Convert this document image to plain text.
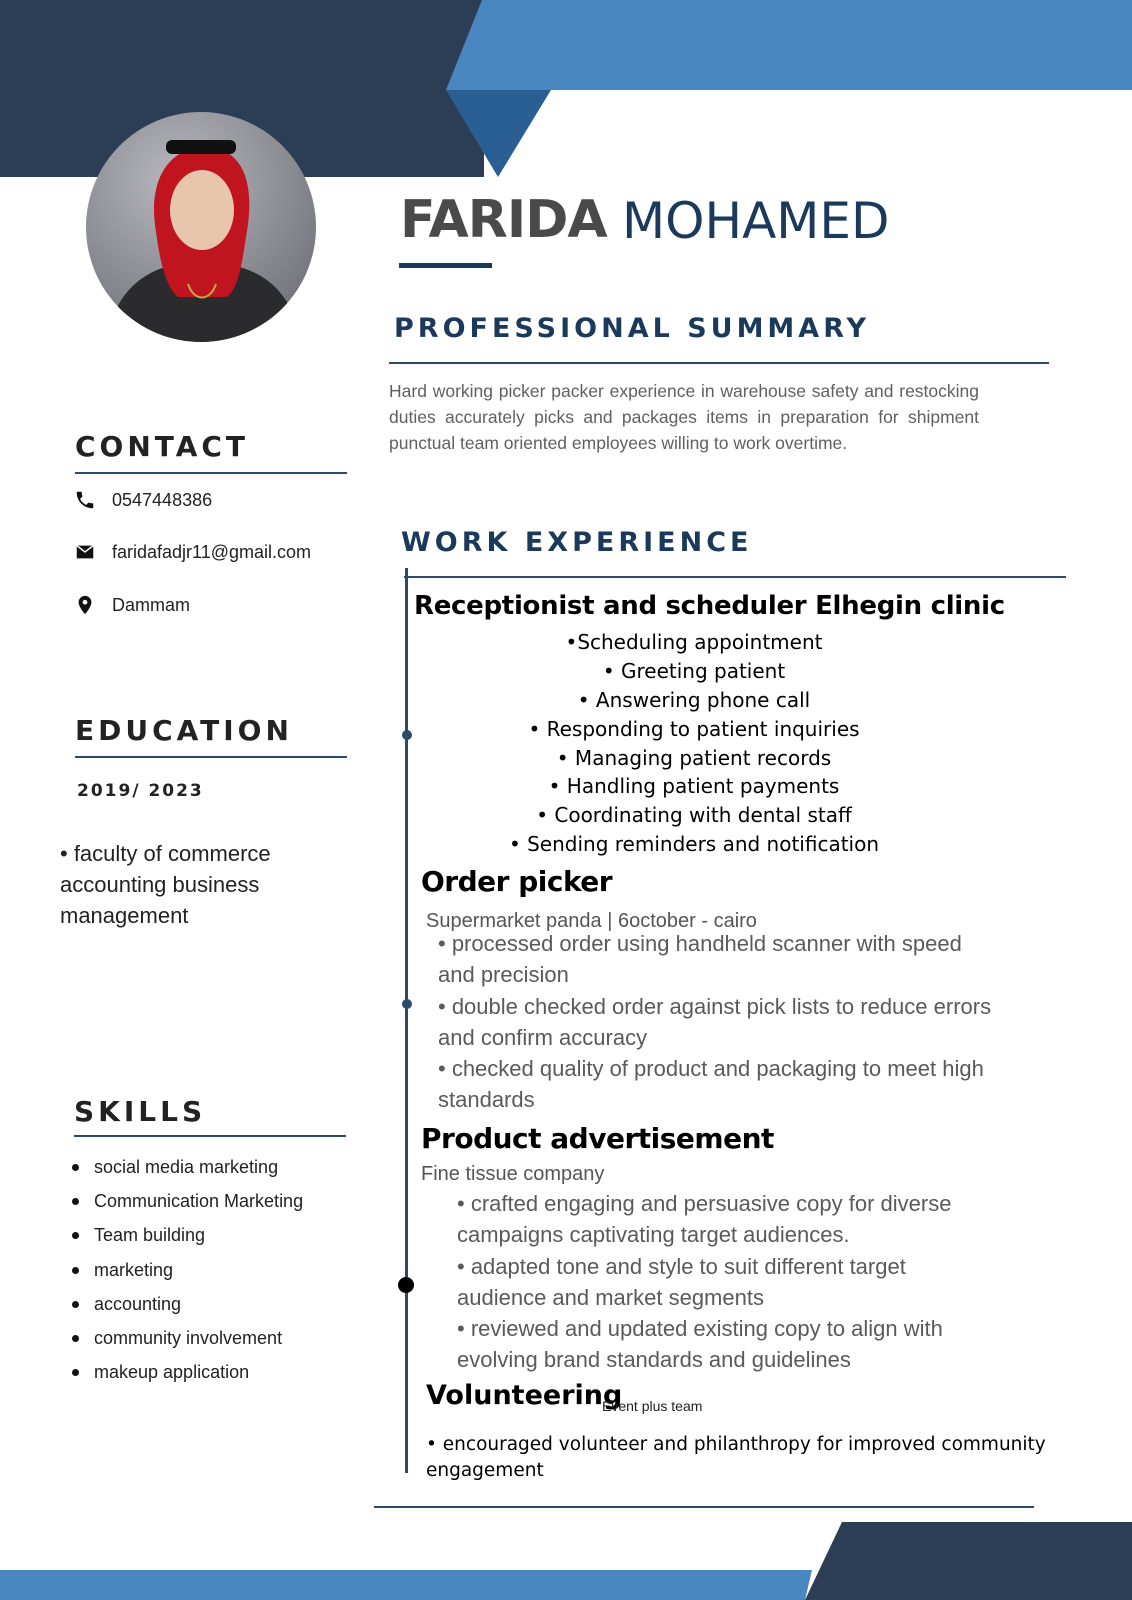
FARIDA MOHAMED
PROFESSIONAL SUMMARY
Hard working picker packer experience in warehouse safety and restocking duties accurately picks and packages items in preparation for shipment punctual team oriented employees willing to work overtime.
CONTACT
0547448386
faridafadjr11@gmail.com
Dammam
EDUCATION
2019/ 2023
• faculty of commerce accounting business management
SKILLS
social media marketing
Communication Marketing
Team building
marketing
accounting
community involvement
makeup application
WORK EXPERIENCE
Receptionist and scheduler Elhegin clinic
•Scheduling appointment
• Greeting patient
• Answering phone call
• Responding to patient inquiries
• Managing patient records
• Handling patient payments
• Coordinating with dental staff
• Sending reminders and notification
Order picker
Supermarket panda | 6october - cairo
• processed order using handheld scanner with speed and precision
• double checked order against pick lists to reduce errors and confirm accuracy
• checked quality of product and packaging to meet high standards
Product advertisement
Fine tissue company
• crafted engaging and persuasive copy for diverse campaigns captivating target audiences.
• adapted tone and style to suit different target audience and market segments
• reviewed and updated existing copy to align with evolving brand standards and guidelines
Volunteering
Event plus team
• encouraged volunteer and philanthropy for improved community engagement
